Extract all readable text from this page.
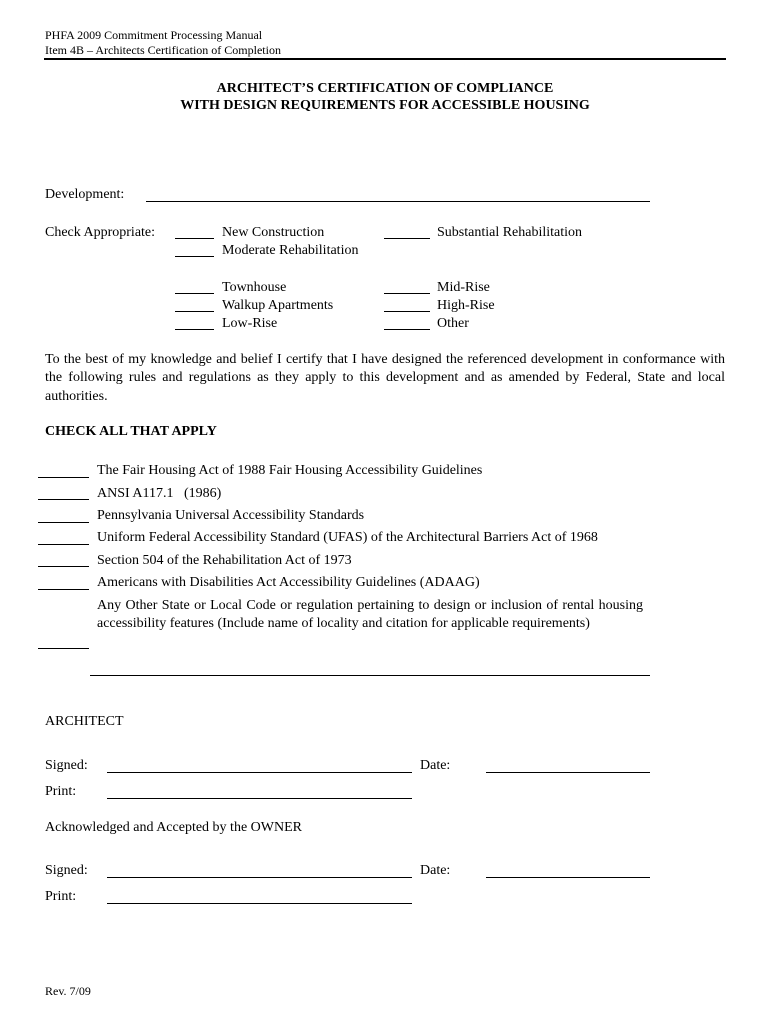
PHFA 2009 Commitment Processing Manual
Item 4B – Architects Certification of Completion
ARCHITECT’S CERTIFICATION OF COMPLIANCE
WITH DESIGN REQUIREMENTS FOR ACCESSIBLE HOUSING
Development:
Check Appropriate:	New Construction	Substantial Rehabilitation
Moderate Rehabilitation
Townhouse	Mid-Rise
Walkup Apartments	High-Rise
Low-Rise	Other
To the best of my knowledge and belief I certify that I have designed the referenced development in conformance with the following rules and regulations as they apply to this development and as amended by Federal, State and local authorities.
CHECK ALL THAT APPLY
The Fair Housing Act of 1988 Fair Housing Accessibility Guidelines
ANSI A117.1   (1986)
Pennsylvania Universal Accessibility Standards
Uniform Federal Accessibility Standard (UFAS) of the Architectural Barriers Act of 1968
Section 504 of the Rehabilitation Act of 1973
Americans with Disabilities Act Accessibility Guidelines (ADAAG)
Any Other State or Local Code or regulation pertaining to design or inclusion of rental housing accessibility features (Include name of locality and citation for applicable requirements)
ARCHITECT
Signed:	Date:
Print:
Acknowledged and Accepted by the OWNER
Signed:	Date:
Print:
Rev. 7/09
